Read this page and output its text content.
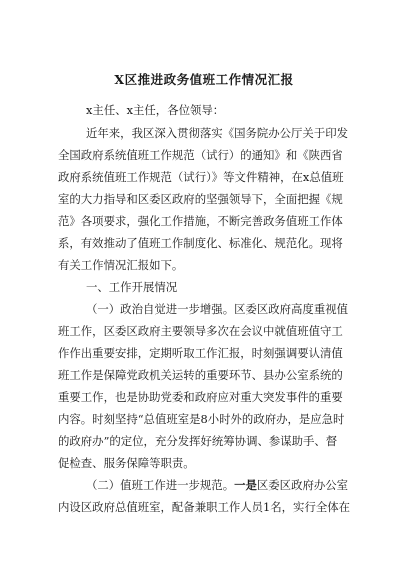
X区推进政务值班工作情况汇报
x主任、x主任，各位领导：
近年来，我区深入贯彻落实《国务院办公厅关于印发
全国政府系统值班工作规范（试行）的通知》和《陕西省
政府系统值班工作规范（试行）》等文件精神，在x总值班
室的大力指导和区委区政府的坚强领导下，全面把握《规
范》各项要求，强化工作措施，不断完善政务值班工作体
系，有效推动了值班工作制度化、标准化、规范化。现将
有关工作情况汇报如下。
一、工作开展情况
（一）政治自觉进一步增强。区委区政府高度重视值
班工作，区委区政府主要领导多次在会议中就值班值守工
作作出重要安排，定期听取工作汇报，时刻强调要认清值
班工作是保障党政机关运转的重要环节、县办公室系统的
重要工作，也是协助党委和政府应对重大突发事件的重要
内容。时刻坚持“总值班室是8小时外的政府办，是应急时
的政府办”的定位，充分发挥好统筹协调、参谋助手、督
促检查、服务保障等职责。
（二）值班工作进一步规范。一是区委区政府办公室
内设区政府总值班室，配备兼职工作人员1名，实行全体在
